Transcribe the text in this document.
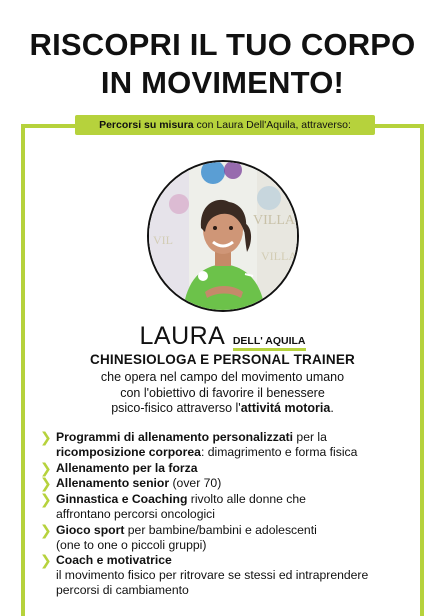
RISCOPRI IL TUO CORPO
IN MOVIMENTO!
Percorsi su misura con Laura Dell'Aquila, attraverso:
VILLA
VILLA
VIL
LAURA DELL' AQUILA
CHINESIOLOGA E PERSONAL TRAINER
che opera nel campo del movimento umano
con l'obiettivo di favorire il benessere
psico-fisico attraverso l'attivitá motoria.
❯ Programmi di allenamento personalizzati per la
ricomposizione corporea: dimagrimento e forma fisica
❯ Allenamento per la forza
❯ Allenamento senior (over 70)
❯ Ginnastica e Coaching rivolto alle donne che
affrontano percorsi oncologici
❯ Gioco sport per bambine/bambini e adolescenti
(one to one o piccoli gruppi)
❯ Coach e motivatrice
il movimento fisico per ritrovare se stessi ed intraprendere
percorsi di cambiamento
